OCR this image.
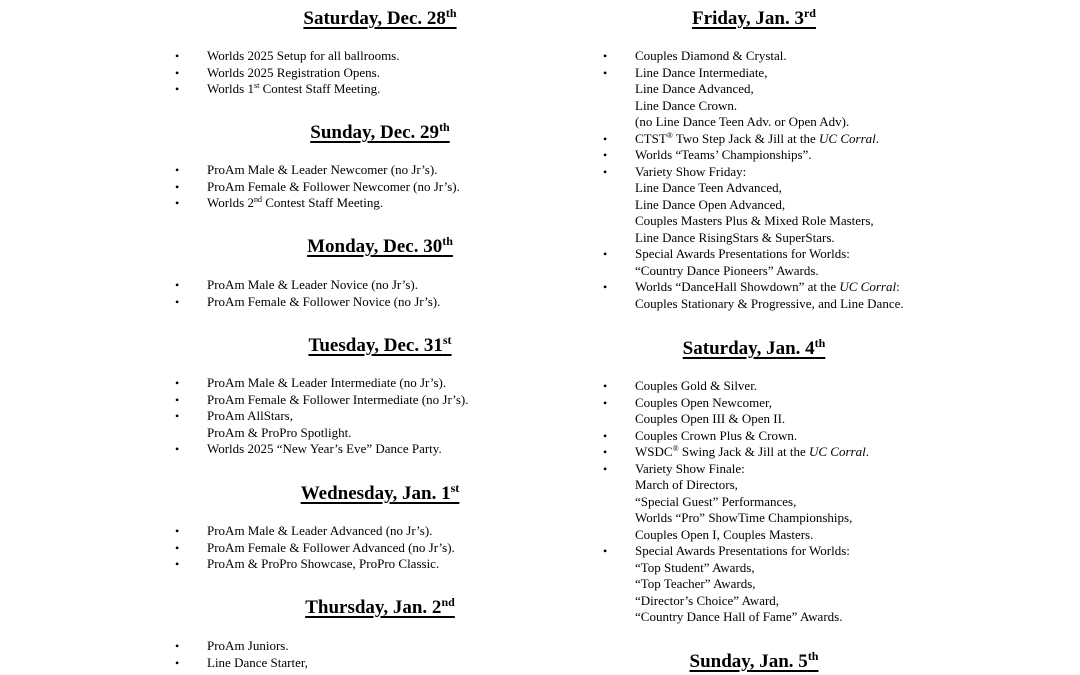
Saturday, Dec. 28th
• Worlds 2025 Setup for all ballrooms.
• Worlds 2025 Registration Opens.
• Worlds 1st Contest Staff Meeting.
Sunday, Dec. 29th
• ProAm Male & Leader Newcomer (no Jr’s).
• ProAm Female & Follower Newcomer (no Jr’s).
• Worlds 2nd Contest Staff Meeting.
Monday, Dec. 30th
• ProAm Male & Leader Novice (no Jr’s).
• ProAm Female & Follower Novice (no Jr’s).
Tuesday, Dec. 31st
• ProAm Male & Leader Intermediate (no Jr’s).
• ProAm Female & Follower Intermediate (no Jr’s).
• ProAm AllStars,
ProAm & ProPro Spotlight.
• Worlds 2025 “New Year’s Eve” Dance Party.
Wednesday, Jan. 1st
• ProAm Male & Leader Advanced (no Jr’s).
• ProAm Female & Follower Advanced (no Jr’s).
• ProAm & ProPro Showcase, ProPro Classic.
Thursday, Jan. 2nd
• ProAm Juniors.
• Line Dance Starter,
Friday, Jan. 3rd
• Couples Diamond & Crystal.
• Line Dance Intermediate,
Line Dance Advanced,
Line Dance Crown.
(no Line Dance Teen Adv. or Open Adv).
• CTST® Two Step Jack & Jill at the UC Corral.
• Worlds “Teams’ Championships”.
• Variety Show Friday:
Line Dance Teen Advanced,
Line Dance Open Advanced,
Couples Masters Plus & Mixed Role Masters,
Line Dance RisingStars & SuperStars.
• Special Awards Presentations for Worlds:
“Country Dance Pioneers” Awards.
• Worlds “DanceHall Showdown” at the UC Corral:
Couples Stationary & Progressive, and Line Dance.
Saturday, Jan. 4th
• Couples Gold & Silver.
• Couples Open Newcomer,
Couples Open III & Open II.
• Couples Crown Plus & Crown.
• WSDC® Swing Jack & Jill at the UC Corral.
• Variety Show Finale:
March of Directors,
“Special Guest” Performances,
Worlds “Pro” ShowTime Championships,
Couples Open I, Couples Masters.
• Special Awards Presentations for Worlds:
“Top Student” Awards,
“Top Teacher” Awards,
“Director’s Choice” Award,
“Country Dance Hall of Fame” Awards.
Sunday, Jan. 5th
